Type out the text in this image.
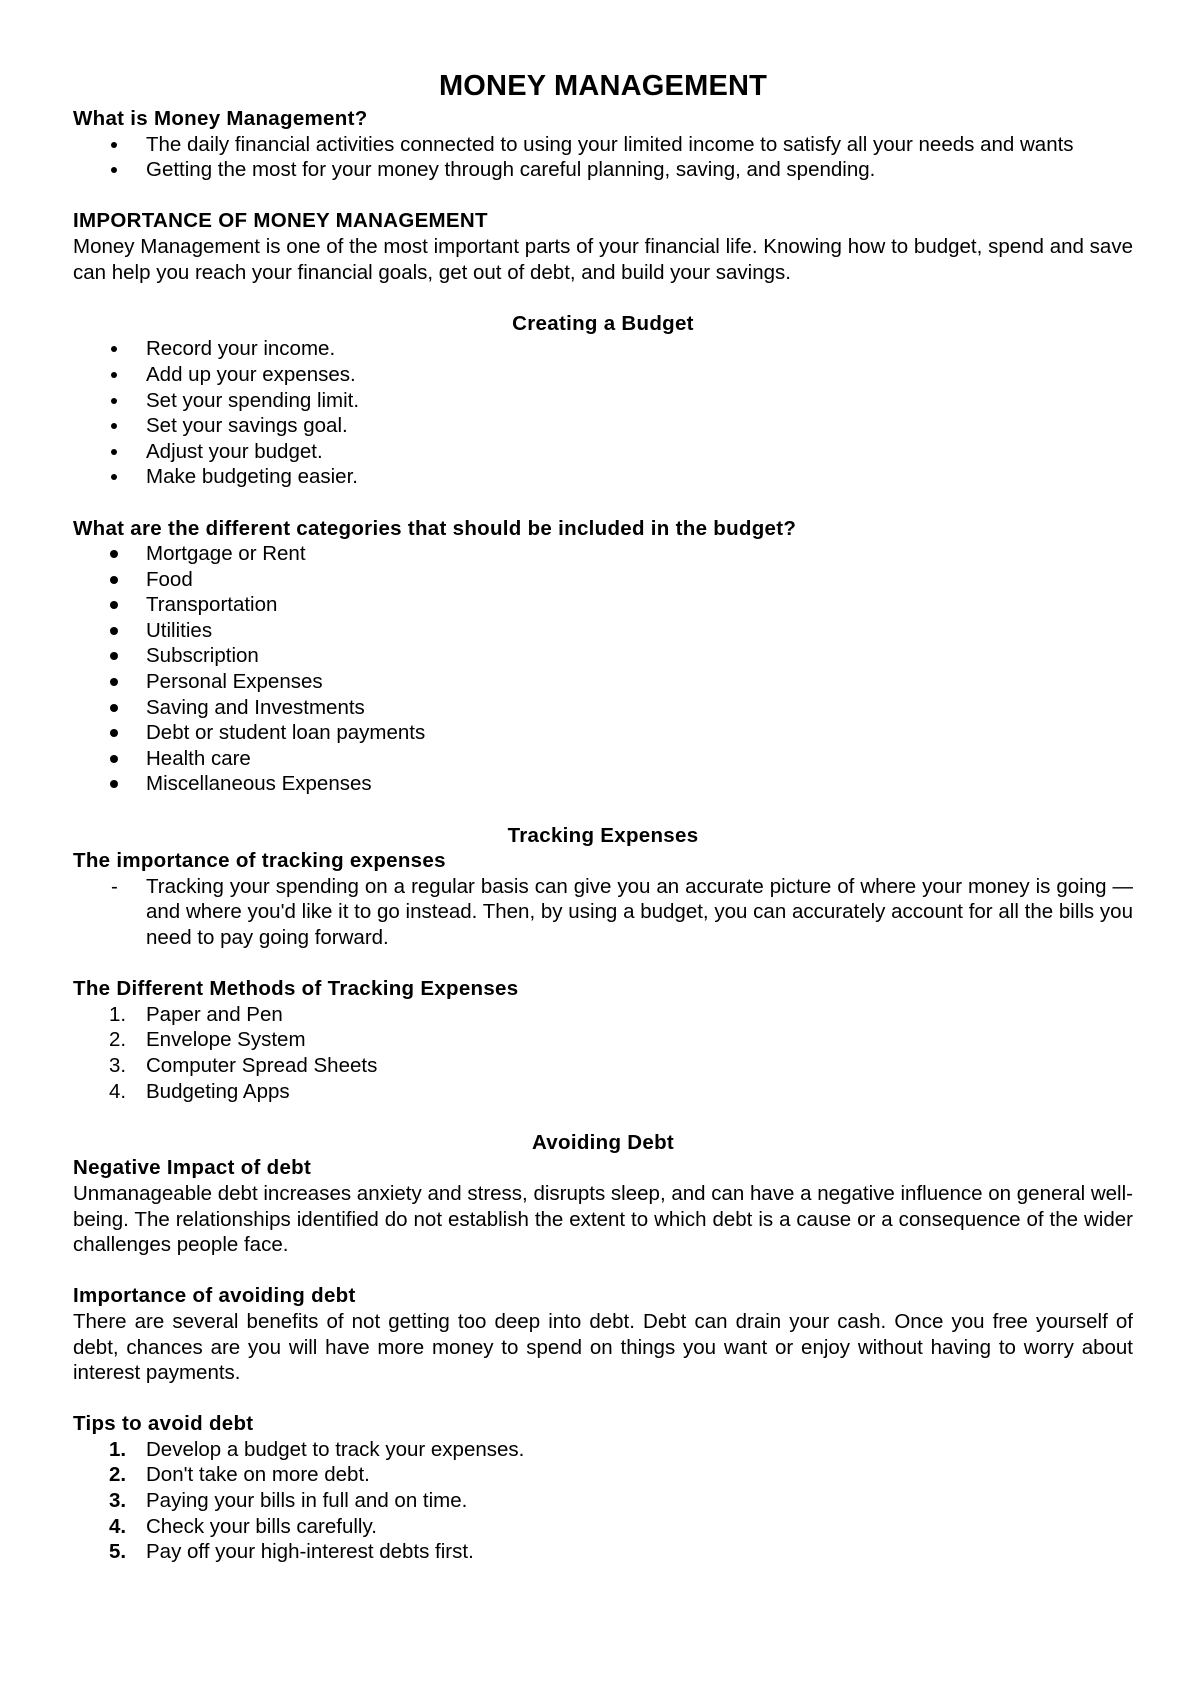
MONEY MANAGEMENT
What is Money Management?
The daily financial activities connected to using your limited income to satisfy all your needs and wants
Getting the most for your money through careful planning, saving, and spending.
IMPORTANCE OF MONEY MANAGEMENT

Money Management is one of the most important parts of your financial life. Knowing how to budget, spend and save can help you reach your financial goals, get out of debt, and build your savings.

Creating a Budget
Record your income.
Add up your expenses.
Set your spending limit.
Set your savings goal.
Adjust your budget.
Make budgeting easier.
What are the different categories that should be included in the budget?
Mortgage or Rent
Food
Transportation
Utilities
Subscription
Personal Expenses
Saving and Investments
Debt or student loan payments
Health care
Miscellaneous Expenses
Tracking Expenses
The importance of tracking expenses
- Tracking your spending on a regular basis can give you an accurate picture of where your money is going — and where you'd like it to go instead. Then, by using a budget, you can accurately account for all the bills you need to pay going forward.
The Different Methods of Tracking Expenses
1. Paper and Pen
2. Envelope System
3. Computer Spread Sheets
4. Budgeting Apps
Avoiding Debt
Negative Impact of debt

Unmanageable debt increases anxiety and stress, disrupts sleep, and can have a negative influence on general well-being. The relationships identified do not establish the extent to which debt is a cause or a consequence of the wider challenges people face.

Importance of avoiding debt

There are several benefits of not getting too deep into debt. Debt can drain your cash. Once you free yourself of debt, chances are you will have more money to spend on things you want or enjoy without having to worry about interest payments.

Tips to avoid debt
1. Develop a budget to track your expenses.
2. Don't take on more debt.
3. Paying your bills in full and on time.
4. Check your bills carefully.
5. Pay off your high-interest debts first.
